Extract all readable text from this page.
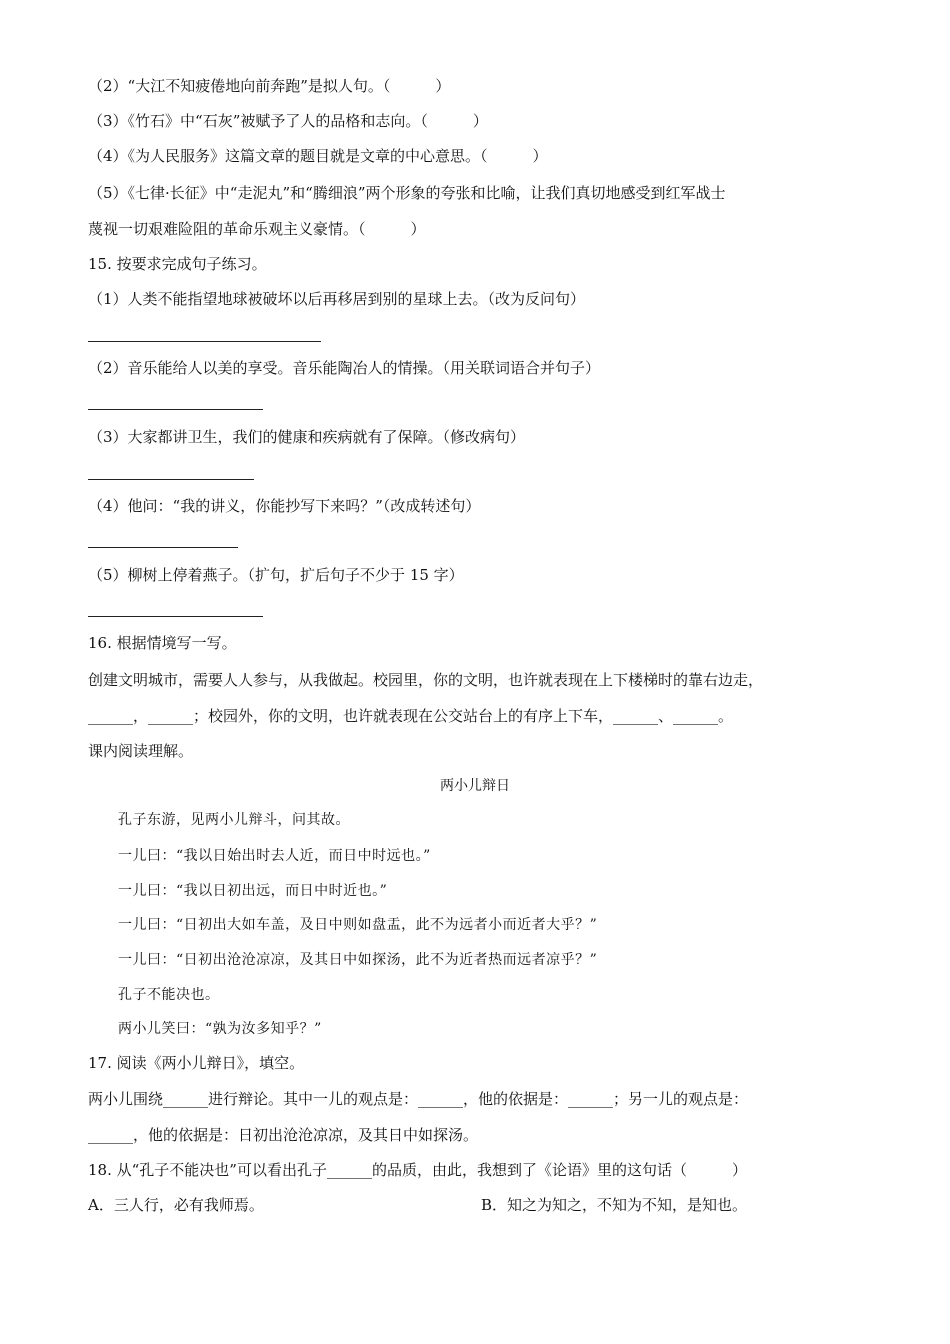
（2）“大江不知疲倦地向前奔跑”是拟人句。（　　　）
（3）《竹石》中“石灰”被赋予了人的品格和志向。（　　　）
（4）《为人民服务》这篇文章的题目就是文章的中心意思。（　　　）
（5）《七律·长征》中“走泥丸”和“腾细浪”两个形象的夸张和比喻，让我们真切地感受到红军战士
蔑视一切艰难险阻的革命乐观主义豪情。（　　　）
15. 按要求完成句子练习。
（1）人类不能指望地球被破坏以后再移居到别的星球上去。（改为反问句）
（2）音乐能给人以美的享受。音乐能陶冶人的情操。（用关联词语合并句子）
（3）大家都讲卫生，我们的健康和疾病就有了保障。（修改病句）
（4）他问：“我的讲义，你能抄写下来吗？”（改成转述句）
（5）柳树上停着燕子。（扩句，扩后句子不少于 15 字）
16. 根据情境写一写。
创建文明城市，需要人人参与，从我做起。校园里，你的文明，也许就表现在上下楼梯时的靠右边走，
______，______；校园外，你的文明，也许就表现在公交站台上的有序上下车，______、______。
课内阅读理解。
两小儿辩日
孔子东游，见两小儿辩斗，问其故。
一儿曰：“我以日始出时去人近，而日中时远也。”
一儿曰：“我以日初出远，而日中时近也。”
一儿曰：“日初出大如车盖，及日中则如盘盂，此不为远者小而近者大乎？”
一儿曰：“日初出沧沧凉凉，及其日中如探汤，此不为近者热而远者凉乎？”
孔子不能决也。
两小儿笑曰：“孰为汝多知乎？”
17. 阅读《两小儿辩日》，填空。
两小儿围绕______进行辩论。其中一儿的观点是：______，他的依据是：______；另一儿的观点是：
______，他的依据是：日初出沧沧凉凉，及其日中如探汤。
18. 从“孔子不能决也”可以看出孔子______的品质，由此，我想到了《论语》里的这句话（　　　）
A．三人行，必有我师焉。	B．知之为知之，不知为不知，是知也。
